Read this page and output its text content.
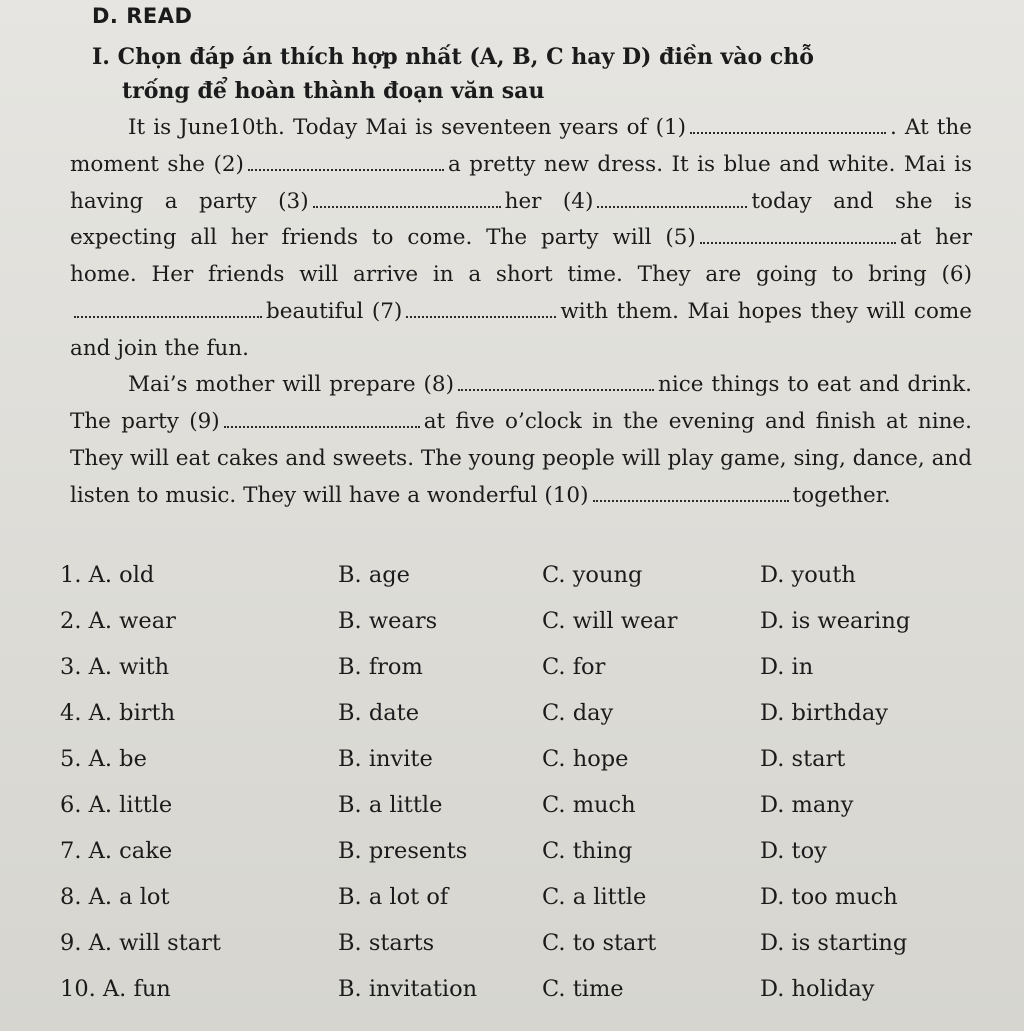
D. READ
I. Chọn đáp án thích hợp nhất (A, B, C hay D) điền vào chỗ
trống để hoàn thành đoạn văn sau

It is June10th. Today Mai is seventeen years of (1)	. At the moment she (2)	a pretty new dress. It is blue and white. Mai is having a party (3)	her (4)	today and she is expecting all her friends to come. The party will (5)	at her home. Her friends will arrive in a short time. They are going to bring (6)beautiful (7)	with them. Mai hopes they will come and join the fun.

Mai’s mother will prepare (8)	nice things to eat and drink. The party (9)	at five o’clock in the evening and finish at nine. They will eat cakes and sweets. The young people will play game, sing, dance, and listen to music. They will have a wonderful (10)	together.

1. A. old	B. age	C. young	D. youth
2. A. wear	B. wears	C. will wear	D. is wearing
3. A. with	B. from	C. for	D. in
4. A. birth	B. date	C. day	D. birthday
5. A. be	B. invite	C. hope	D. start
6. A. little	B. a little	C. much	D. many
7. A. cake	B. presents	C. thing	D. toy
8. A. a lot	B. a lot of	C. a little	D. too much
9. A. will start	B. starts	C. to start	D. is starting
10. A. fun	B. invitation	C. time	D. holiday
